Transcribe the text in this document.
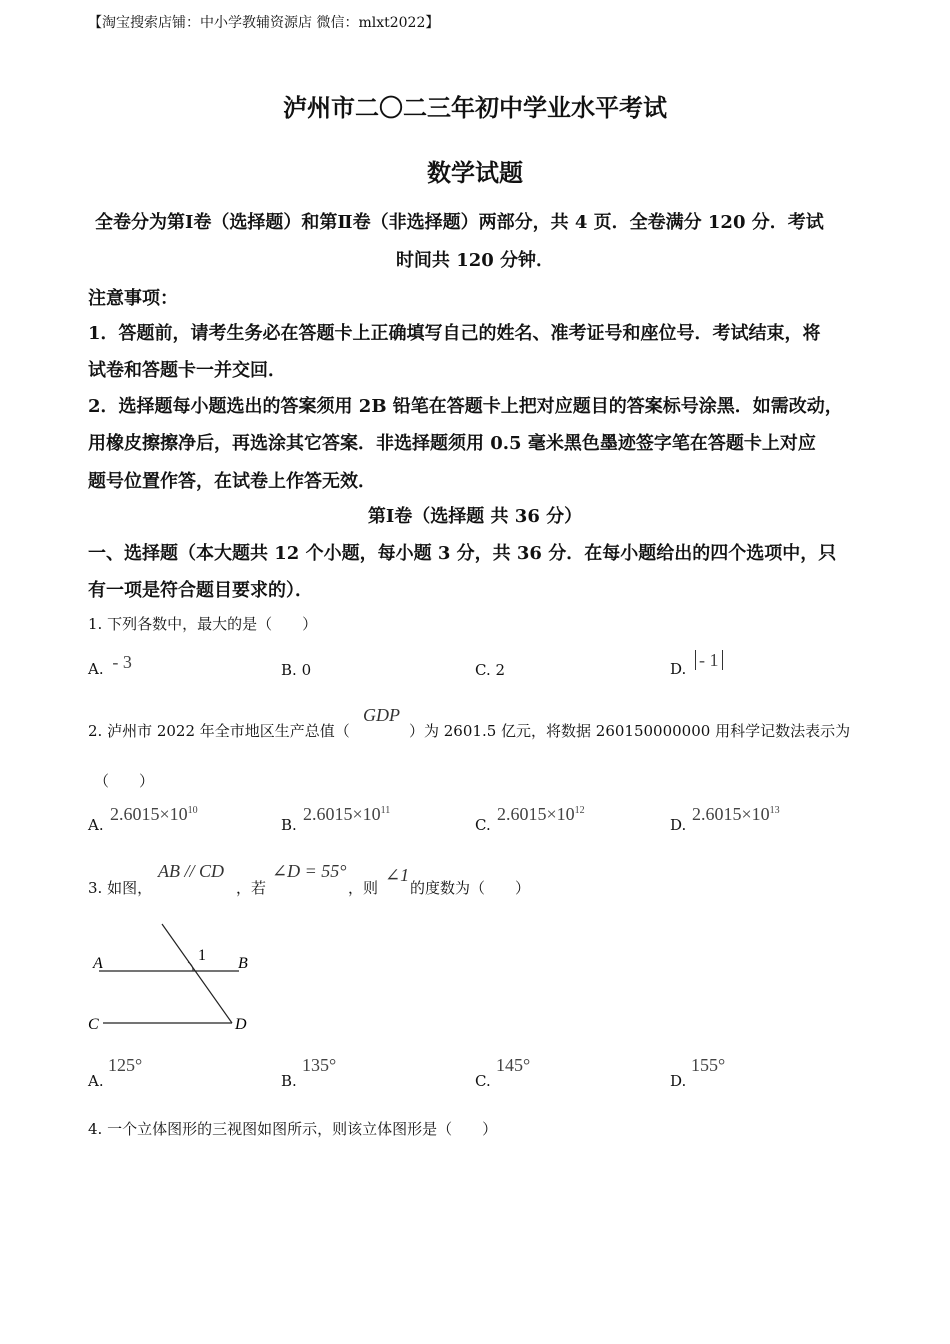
【淘宝搜索店铺：中小学教辅资源店 微信：mlxt2022】
泸州市二〇二三年初中学业水平考试
数学试题
全卷分为第Ⅰ卷（选择题）和第Ⅱ卷（非选择题）两部分，共 4 页．全卷满分 120 分．考试
时间共 120 分钟．
注意事项：
1．答题前，请考生务必在答题卡上正确填写自己的姓名、准考证号和座位号．考试结束，将
试卷和答题卡一并交回．
2．选择题每小题选出的答案须用 2B 铅笔在答题卡上把对应题目的答案标号涂黑．如需改动，
用橡皮擦擦净后，再选涂其它答案．非选择题须用 0.5 毫米黑色墨迹签字笔在答题卡上对应
题号位置作答，在试卷上作答无效．
第Ⅰ卷（选择题 共 36 分）
一、选择题（本大题共 12 个小题，每小题 3 分，共 36 分．在每小题给出的四个选项中，只
有一项是符合题目要求的）．
1. 下列各数中，最大的是（　　）
A. - 3	B. 0	C. 2	D. - 1
2. 泸州市 2022 年全市地区生产总值（
GDP
）为 2601.5 亿元，将数据 260150000000 用科学记数法表示为
（　　）
A.
$2.6015\times 10^{10}$
B.
$2.6015\times 10^{11}$
C.
$2.6015\times 10^{12}$
D.
$2.6015\times 10^{13}$
3. 如图，
AB // CD
，若
∠D = 55°
，则
∠1
的度数为（　　）
A	B
C	D
1
A.
125°
B.
135°
C.
145°
D.
155°
4. 一个立体图形的三视图如图所示，则该立体图形是（　　）
